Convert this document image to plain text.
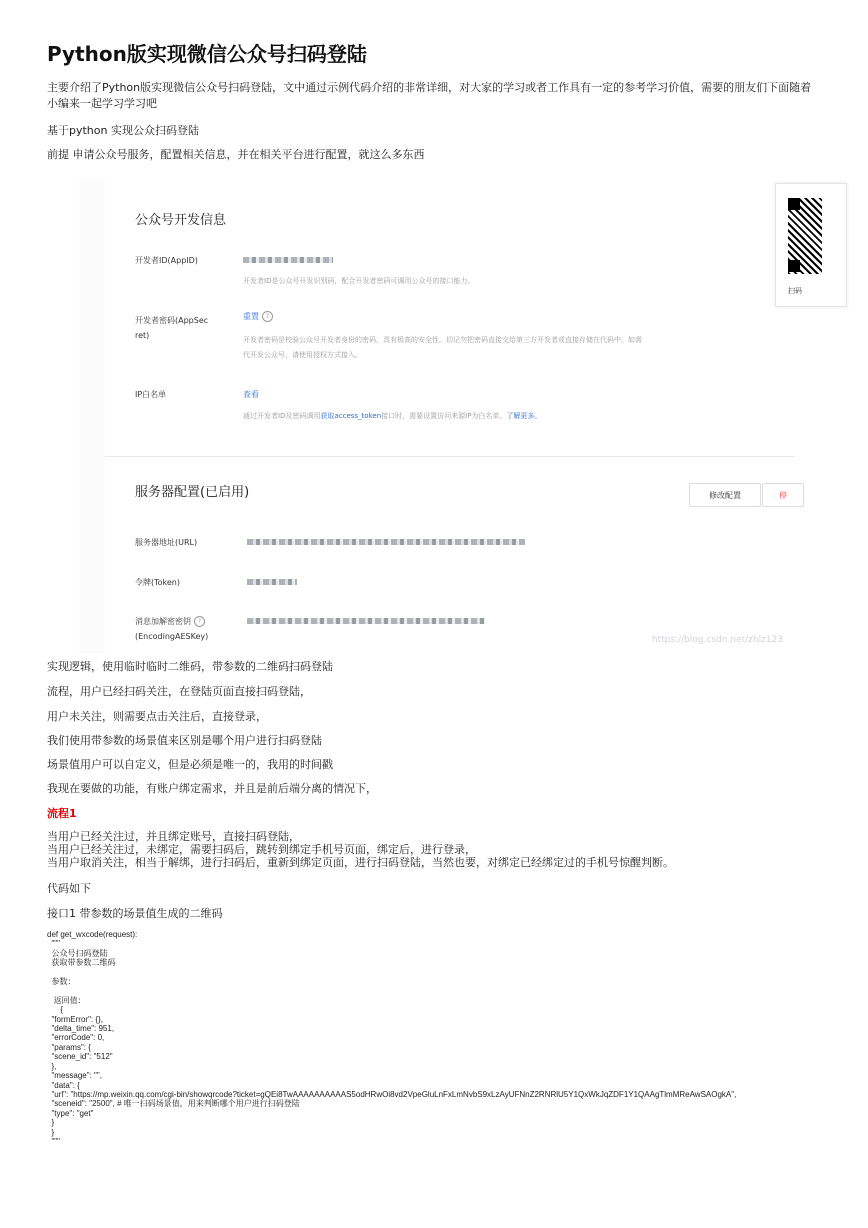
Python版实现微信公众号扫码登陆

主要介绍了Python版实现微信公众号扫码登陆，文中通过示例代码介绍的非常详细，对大家的学习或者工作具有一定的参考学习价值，需要的朋友们下面随着小编来一起学习学习吧

基于python 实现公众扫码登陆

前提 申请公众号服务，配置相关信息，并在相关平台进行配置，就这么多东西

公众号开发信息
开发者ID(AppID)
开发者ID是公众号开发识别码，配合开发者密码可调用公众号的接口能力。
开发者密码(AppSec
ret)
重置 ?
开发者密码是校验公众号开发者身份的密码，具有极高的安全性。切记勿把密码直接交给第三方开发者或直接存储在代码中。如需
代开发公众号，请使用授权方式接入。
IP白名单	查看
通过开发者ID及密码调用获取access_token接口时，需要设置访问来源IP为白名单。了解更多。
扫码
服务器配置(已启用)	修改配置	停
服务器地址(URL)
令牌(Token)
消息加解密密钥 ?
(EncodingAESKey)	https://blog.csdn.net/zhlz123

实现逻辑，使用临时临时二维码，带参数的二维码扫码登陆

流程，用户已经扫码关注，在登陆页面直接扫码登陆，

用户未关注，则需要点击关注后，直接登录，

我们使用带参数的场景值来区别是哪个用户进行扫码登陆

场景值用户可以自定义，但是必须是唯一的，我用的时间戳

我现在要做的功能，有账户绑定需求，并且是前后端分离的情况下，

流程1

当用户已经关注过，并且绑定账号，直接扫码登陆，

当用户已经关注过，未绑定，需要扫码后，跳转到绑定手机号页面，绑定后，进行登录，

当用户取消关注，相当于解绑，进行扫码后，重新到绑定页面，进行扫码登陆，当然也要，对绑定已经绑定过的手机号惊醒判断。

代码如下

接口1 带参数的场景值生成的二维码

def get_wxcode(request):
"""
公众号扫码登陆
获取带参数二维码

参数：

返回值：
{
"formError": {},
"delta_time": 951,
"errorCode": 0,
"params": {
"scene_id": "512"
},
"message": "",
"data": {
"url": "https://mp.weixin.qq.com/cgi-bin/showqrcode?ticket=gQEi8TwAAAAAAAAAAS5odHRwOi8vd2VpeGluLnFxLmNvbS9xLzAyUFNnZ2RNRlU5Y1QxWkJqZDF1Y1QAAgTlmMReAwSAOgkA",
"sceneid": "2500", # 唯一扫码场景值，用来判断哪个用户进行扫码登陆
"type": "get"
}
}
"""
